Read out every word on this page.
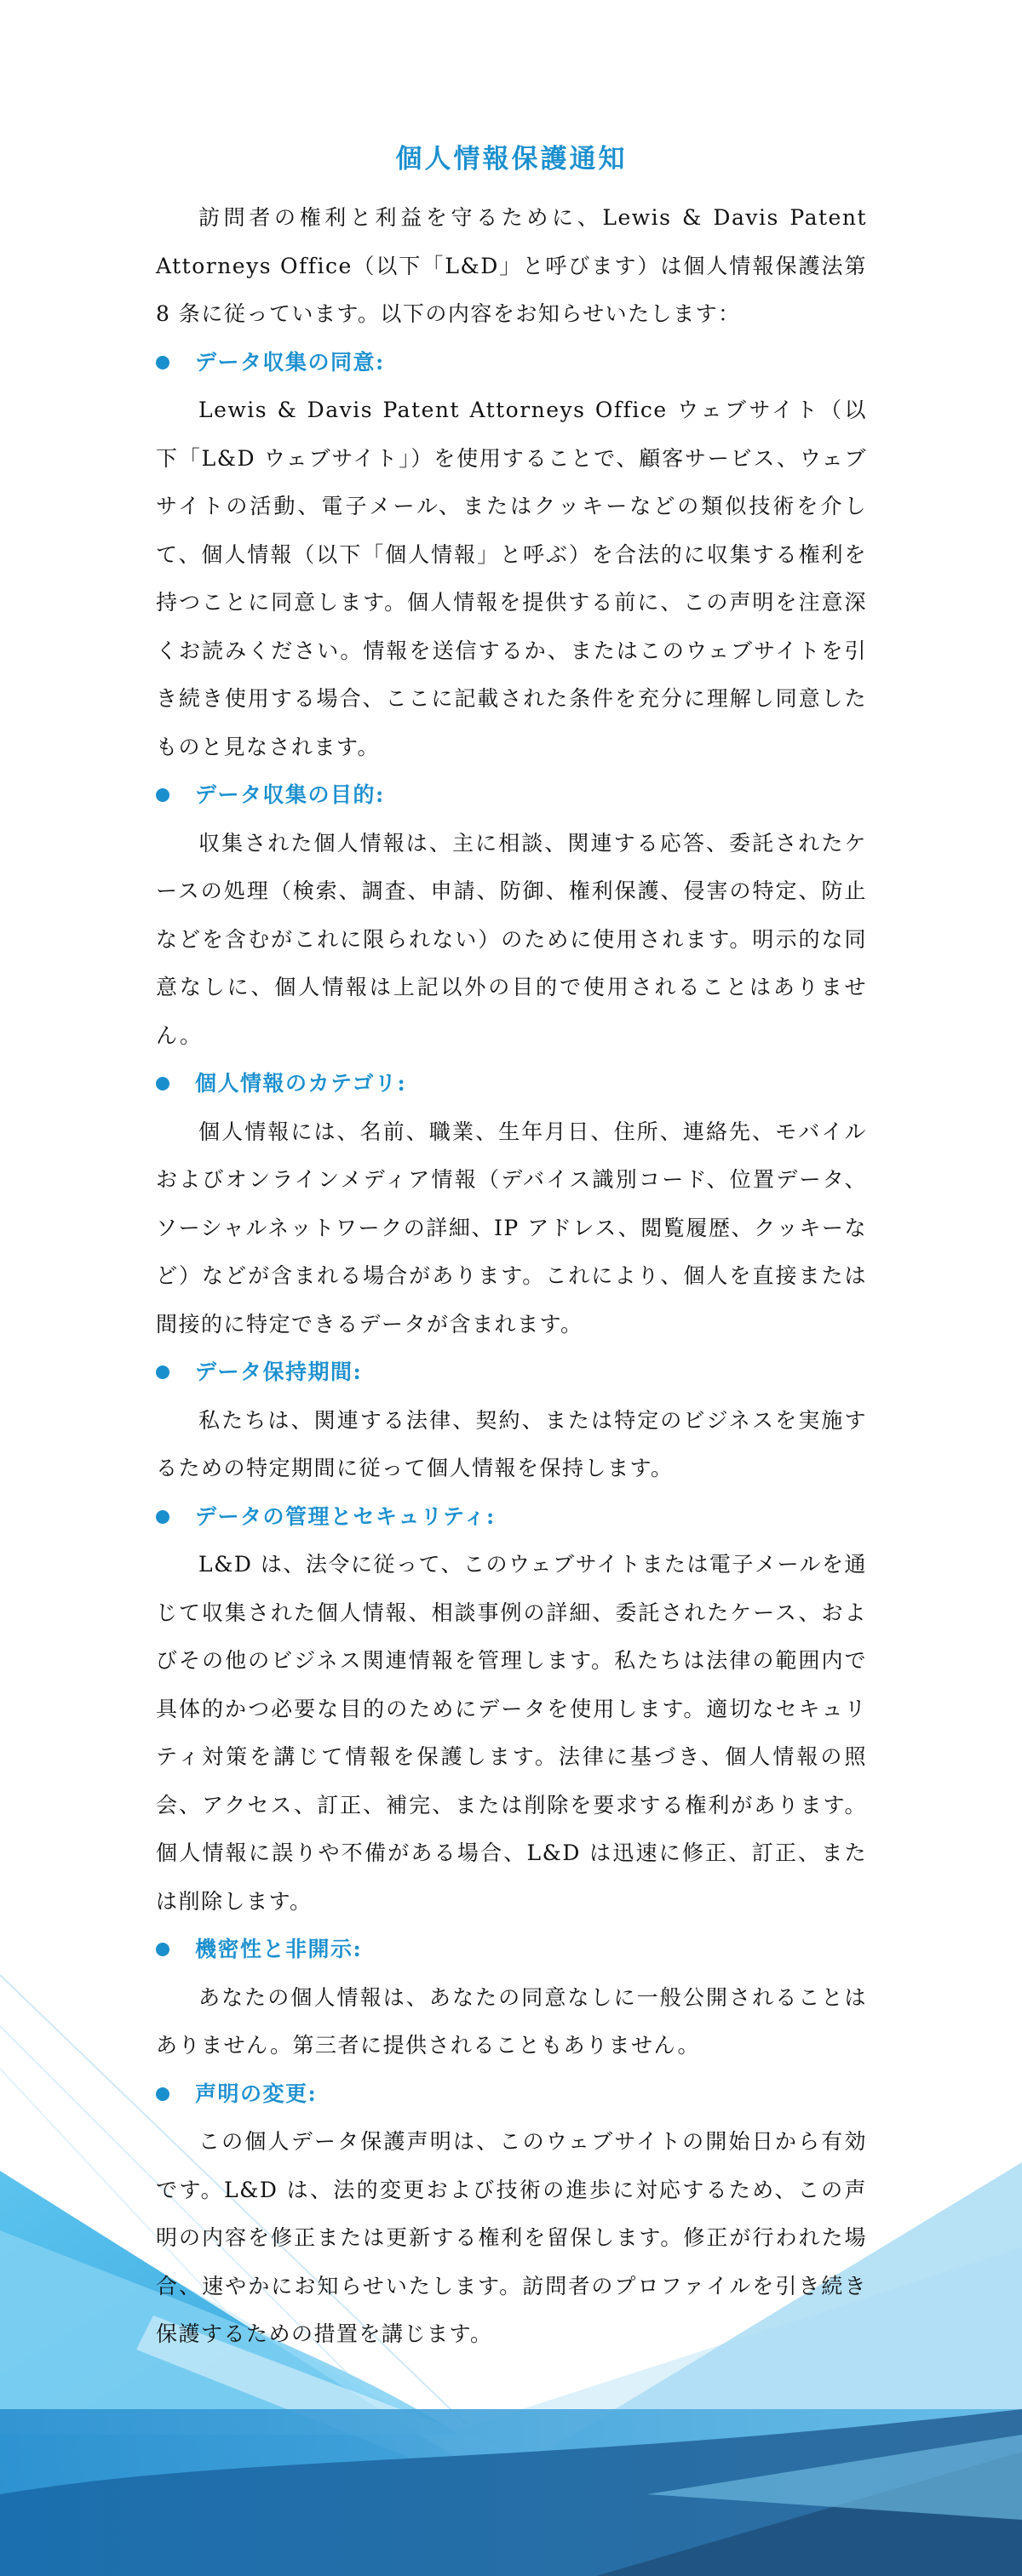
個人情報保護通知

訪問者の権利と利益を守るために、Lewis & Davis Patent Attorneys Office（以下「L&D」と呼びます）は個人情報保護法第 8 条に従っています。以下の内容をお知らせいたします：

データ収集の同意:

Lewis & Davis Patent Attorneys Office ウェブサイト（以下「L&D ウェブサイト」）を使用することで、顧客サービス、ウェブサイトの活動、電子メール、またはクッキーなどの類似技術を介して、個人情報（以下「個人情報」と呼ぶ）を合法的に収集する権利を持つことに同意します。個人情報を提供する前に、この声明を注意深くお読みください。情報を送信するか、またはこのウェブサイトを引き続き使用する場合、ここに記載された条件を充分に理解し同意したものと見なされます。

データ収集の目的:

収集された個人情報は、主に相談、関連する応答、委託されたケースの処理（検索、調査、申請、防御、権利保護、侵害の特定、防止などを含むがこれに限られない）のために使用されます。明示的な同意なしに、個人情報は上記以外の目的で使用されることはありません。

個人情報のカテゴリ:

個人情報には、名前、職業、生年月日、住所、連絡先、モバイルおよびオンラインメディア情報（デバイス識別コード、位置データ、ソーシャルネットワークの詳細、IP アドレス、閲覧履歴、クッキーなど）などが含まれる場合があります。これにより、個人を直接または間接的に特定できるデータが含まれます。

データ保持期間:

私たちは、関連する法律、契約、または特定のビジネスを実施するための特定期間に従って個人情報を保持します。

データの管理とセキュリティ:

L&D は、法令に従って、このウェブサイトまたは電子メールを通じて収集された個人情報、相談事例の詳細、委託されたケース、およびその他のビジネス関連情報を管理します。私たちは法律の範囲内で具体的かつ必要な目的のためにデータを使用します。適切なセキュリティ対策を講じて情報を保護します。法律に基づき、個人情報の照会、アクセス、訂正、補完、または削除を要求する権利があります。個人情報に誤りや不備がある場合、L&D は迅速に修正、訂正、または削除します。

機密性と非開示:

あなたの個人情報は、あなたの同意なしに一般公開されることはありません。第三者に提供されることもありません。

声明の変更:

この個人データ保護声明は、このウェブサイトの開始日から有効です。L&D は、法的変更および技術の進歩に対応するため、この声明の内容を修正または更新する権利を留保します。修正が行われた場合、速やかにお知らせいたします。訪問者のプロファイルを引き続き保護するための措置を講じます。
